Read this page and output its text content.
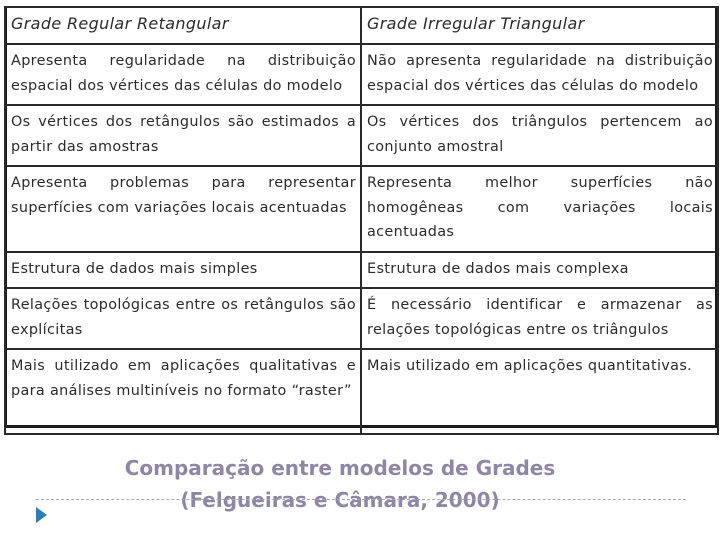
Grade Regular Retangular	Grade Irregular Triangular
Apresenta regularidade na distribuição espacial dos vértices das células do modelo	Não apresenta regularidade na distribuição espacial dos vértices das células do modelo
Os vértices dos retângulos são estimados a partir das amostras	Os vértices dos triângulos pertencem ao conjunto amostral
Apresenta problemas para representar superfícies com variações locais acentuadas	Representa melhor superfícies não homogêneas com variações locais acentuadas
Estrutura de dados mais simples	Estrutura de dados mais complexa
Relações topológicas entre os retângulos são explícitas	É necessário identificar e armazenar as relações topológicas entre os triângulos
Mais utilizado em aplicações qualitativas e para análises multiníveis no formato “raster”	Mais utilizado em aplicações quantitativas.
Comparação entre modelos de Grades
(Felgueiras e Câmara, 2000)
